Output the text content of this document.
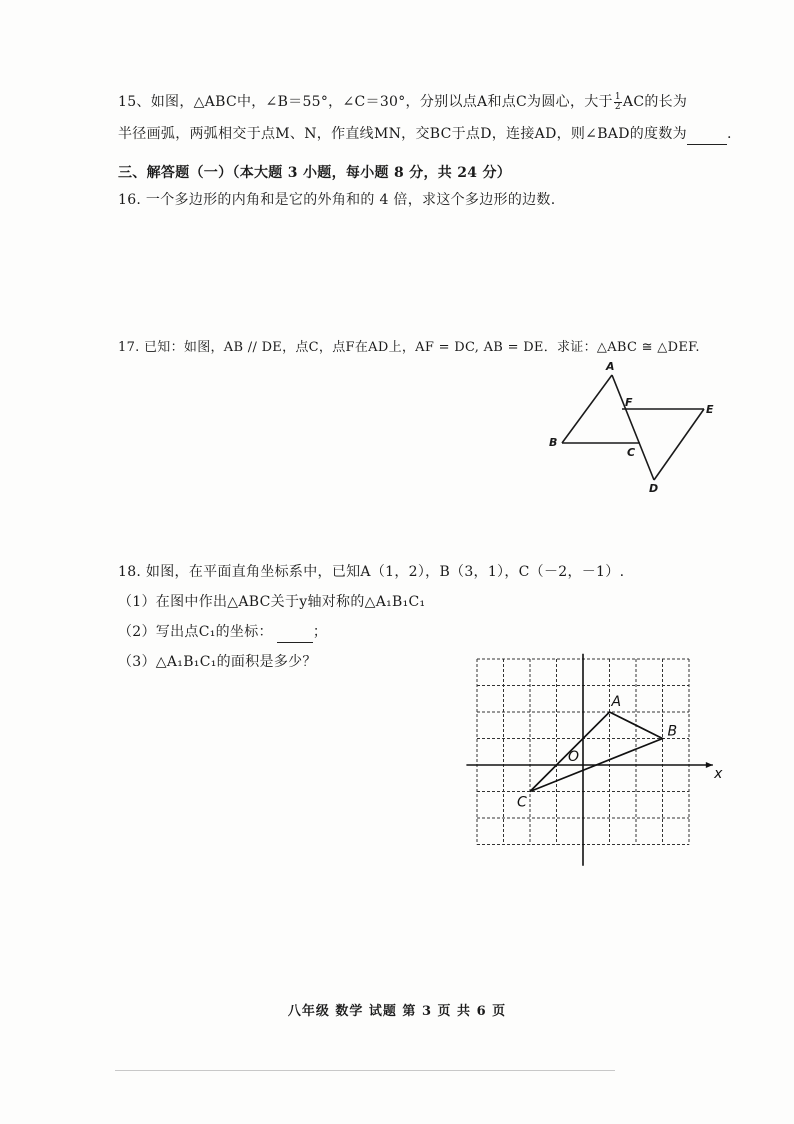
15、如图，△ABC中，∠B＝55°，∠C＝30°，分别以点A和点C为圆心，大于 $\frac{1}{2}$ AC的长为
半径画弧，两弧相交于点M、N，作直线MN，交BC于点D，连接AD，则∠BAD的度数为	.
三、解答题（一）（本大题 3 小题，每小题 8 分，共 24 分）
16. 一个多边形的内角和是它的外角和的 4 倍，求这个多边形的边数.
17. 已知：如图，AB // DE，点C，点F在AD上，AF = DC, AB = DE．求证：△ABC ≅ △DEF.
A
F
E
B
C
D
18. 如图，在平面直角坐标系中，已知A（1，2），B（3，1），C（－2，－1）.
（1）在图中作出△ABC关于y轴对称的△A₁B₁C₁
（2）写出点C₁的坐标：	；
（3）△A₁B₁C₁的面积是多少？
A
B
C
O
x
八年级 数学 试题 第 3 页 共 6 页
